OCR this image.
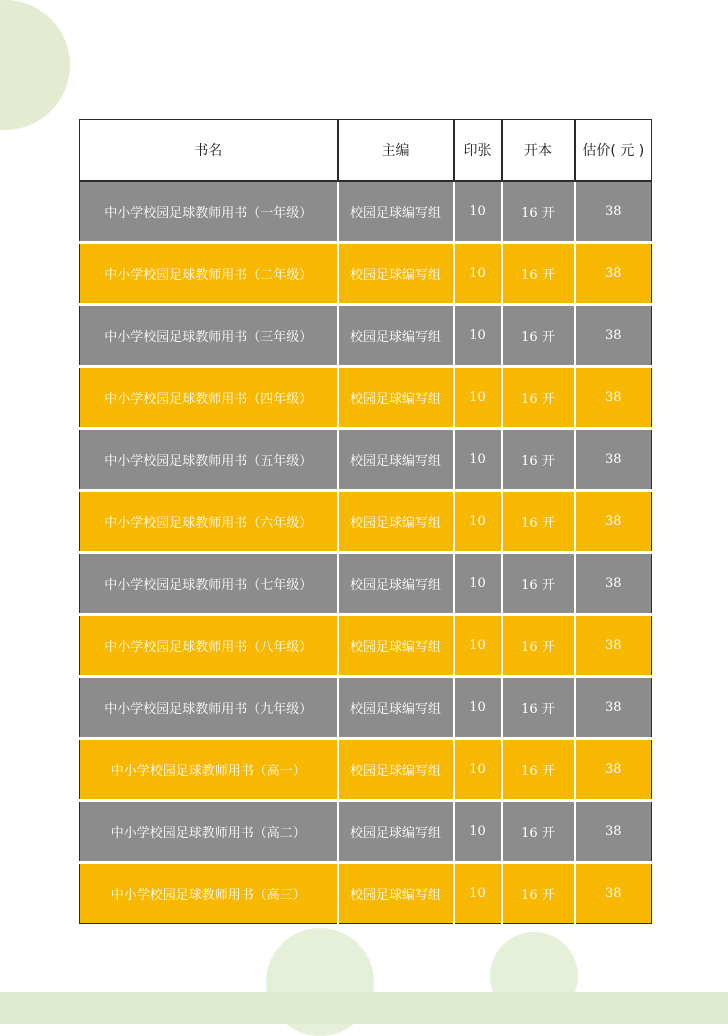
书名	主编	印张	开本	估价( 元 )
中小学校园足球教师用书（一年级）	校园足球编写组	10	16 开	38
中小学校园足球教师用书（二年级）	校园足球编写组	10	16 开	38
中小学校园足球教师用书（三年级）	校园足球编写组	10	16 开	38
中小学校园足球教师用书（四年级）	校园足球编写组	10	16 开	38
中小学校园足球教师用书（五年级）	校园足球编写组	10	16 开	38
中小学校园足球教师用书（六年级）	校园足球编写组	10	16 开	38
中小学校园足球教师用书（七年级）	校园足球编写组	10	16 开	38
中小学校园足球教师用书（八年级）	校园足球编写组	10	16 开	38
中小学校园足球教师用书（九年级）	校园足球编写组	10	16 开	38
中小学校园足球教师用书（高一）	校园足球编写组	10	16 开	38
中小学校园足球教师用书（高二）	校园足球编写组	10	16 开	38
中小学校园足球教师用书（高三）	校园足球编写组	10	16 开	38
